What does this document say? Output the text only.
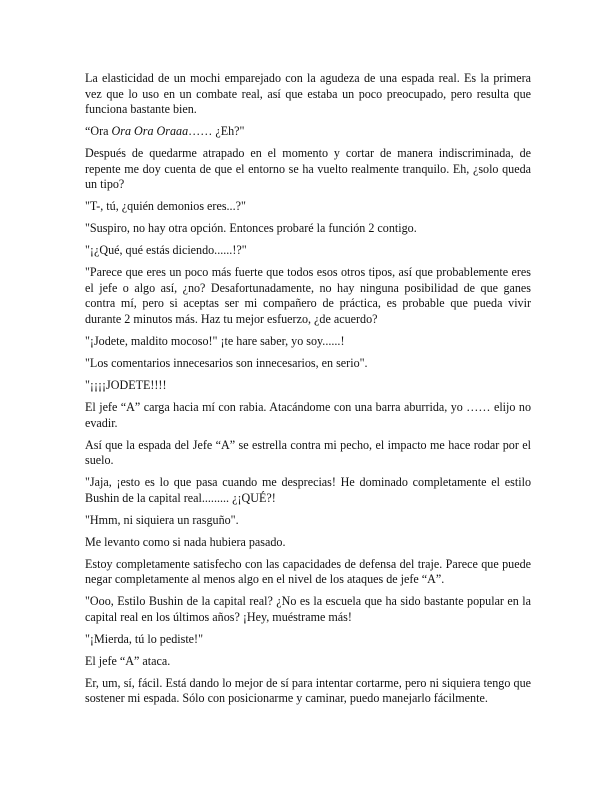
La elasticidad de un mochi emparejado con la agudeza de una espada real. Es la primera vez que lo uso en un combate real, así que estaba un poco preocupado, pero resulta que funciona bastante bien.

“Ora Ora Ora Oraaa…… ¿Eh?"

Después de quedarme atrapado en el momento y cortar de manera indiscriminada, de repente me doy cuenta de que el entorno se ha vuelto realmente tranquilo. Eh, ¿solo queda un tipo?

"T-, tú, ¿quién demonios eres...?"

"Suspiro, no hay otra opción. Entonces probaré la función 2 contigo.

"¡¿Qué, qué estás diciendo......!?"

"Parece que eres un poco más fuerte que todos esos otros tipos, así que probablemente eres el jefe o algo así, ¿no? Desafortunadamente, no hay ninguna posibilidad de que ganes contra mí, pero si aceptas ser mi compañero de práctica, es probable que pueda vivir durante 2 minutos más. Haz tu mejor esfuerzo, ¿de acuerdo?

"¡Jodete, maldito mocoso!" ¡te hare saber, yo soy......!

"Los comentarios innecesarios son innecesarios, en serio".

"¡¡¡¡JODETE!!!!

El jefe “A” carga hacia mí con rabia. Atacándome con una barra aburrida, yo …… elijo no evadir.

Así que la espada del Jefe “A” se estrella contra mi pecho, el impacto me hace rodar por el suelo.

"Jaja, ¡esto es lo que pasa cuando me desprecias! He dominado completamente el estilo Bushin de la capital real......... ¿¡QUÉ?!

"Hmm, ni siquiera un rasguño".

Me levanto como si nada hubiera pasado.

Estoy completamente satisfecho con las capacidades de defensa del traje. Parece que puede negar completamente al menos algo en el nivel de los ataques de jefe “A”.

"Ooo, Estilo Bushin de la capital real? ¿No es la escuela que ha sido bastante popular en la capital real en los últimos años? ¡Hey, muéstrame más!

"¡Mierda, tú lo pediste!"

El jefe “A” ataca.

Er, um, sí, fácil. Está dando lo mejor de sí para intentar cortarme, pero ni siquiera tengo que sostener mi espada. Sólo con posicionarme y caminar, puedo manejarlo fácilmente.
